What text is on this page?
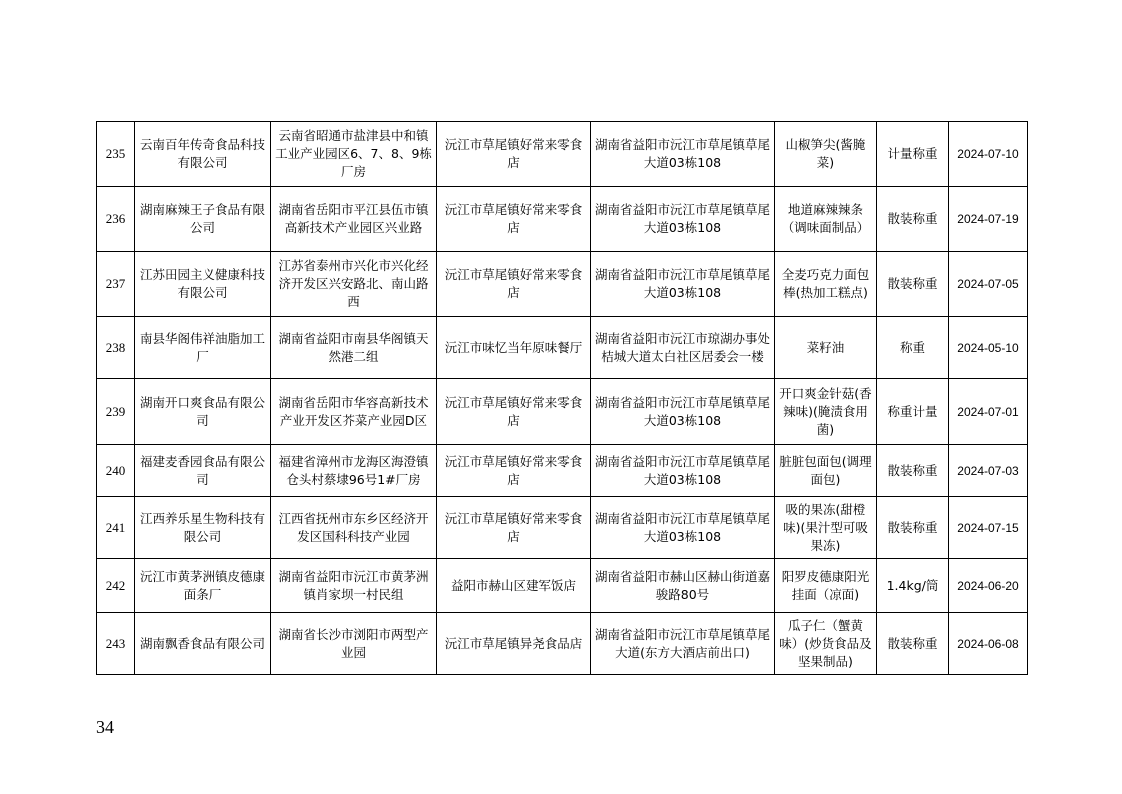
235	云南百年传奇食品科技有限公司	云南省昭通市盐津县中和镇工业产业园区6、7、8、9栋厂房	沅江市草尾镇好常来零食店	湖南省益阳市沅江市草尾镇草尾大道03栋108	山椒笋尖(酱腌菜)	计量称重	2024-07-10
236	湖南麻辣王子食品有限公司	湖南省岳阳市平江县伍市镇高新技术产业园区兴业路	沅江市草尾镇好常来零食店	湖南省益阳市沅江市草尾镇草尾大道03栋108	地道麻辣辣条（调味面制品）	散装称重	2024-07-19
237	江苏田园主义健康科技有限公司	江苏省泰州市兴化市兴化经济开发区兴安路北、南山路西	沅江市草尾镇好常来零食店	湖南省益阳市沅江市草尾镇草尾大道03栋108	全麦巧克力面包棒(热加工糕点)	散装称重	2024-07-05
238	南县华阁伟祥油脂加工厂	湖南省益阳市南县华阁镇天然港二组	沅江市味忆当年原味餐厅	湖南省益阳市沅江市琼湖办事处桔城大道太白社区居委会一楼	菜籽油	称重	2024-05-10
239	湖南开口爽食品有限公司	湖南省岳阳市华容高新技术产业开发区芥菜产业园D区	沅江市草尾镇好常来零食店	湖南省益阳市沅江市草尾镇草尾大道03栋108	开口爽金针菇(香辣味)(腌渍食用菌)	称重计量	2024-07-01
240	福建麦香园食品有限公司	福建省漳州市龙海区海澄镇仓头村蔡埭96号1#厂房	沅江市草尾镇好常来零食店	湖南省益阳市沅江市草尾镇草尾大道03栋108	脏脏包面包(调理面包)	散装称重	2024-07-03
241	江西养乐星生物科技有限公司	江西省抚州市东乡区经济开发区国科科技产业园	沅江市草尾镇好常来零食店	湖南省益阳市沅江市草尾镇草尾大道03栋108	吸的果冻(甜橙味)(果汁型可吸果冻)	散装称重	2024-07-15
242	沅江市黄茅洲镇皮德康面条厂	湖南省益阳市沅江市黄茅洲镇肖家坝一村民组	益阳市赫山区建军饭店	湖南省益阳市赫山区赫山街道嘉骏路80号	阳罗皮德康阳光挂面（凉面)	1.4kg/筒	2024-06-20
243	湖南飘香食品有限公司	湖南省长沙市浏阳市两型产业园	沅江市草尾镇异尧食品店	湖南省益阳市沅江市草尾镇草尾大道(东方大酒店前出口)	瓜子仁（蟹黄味）(炒货食品及坚果制品)	散装称重	2024-06-08
34
